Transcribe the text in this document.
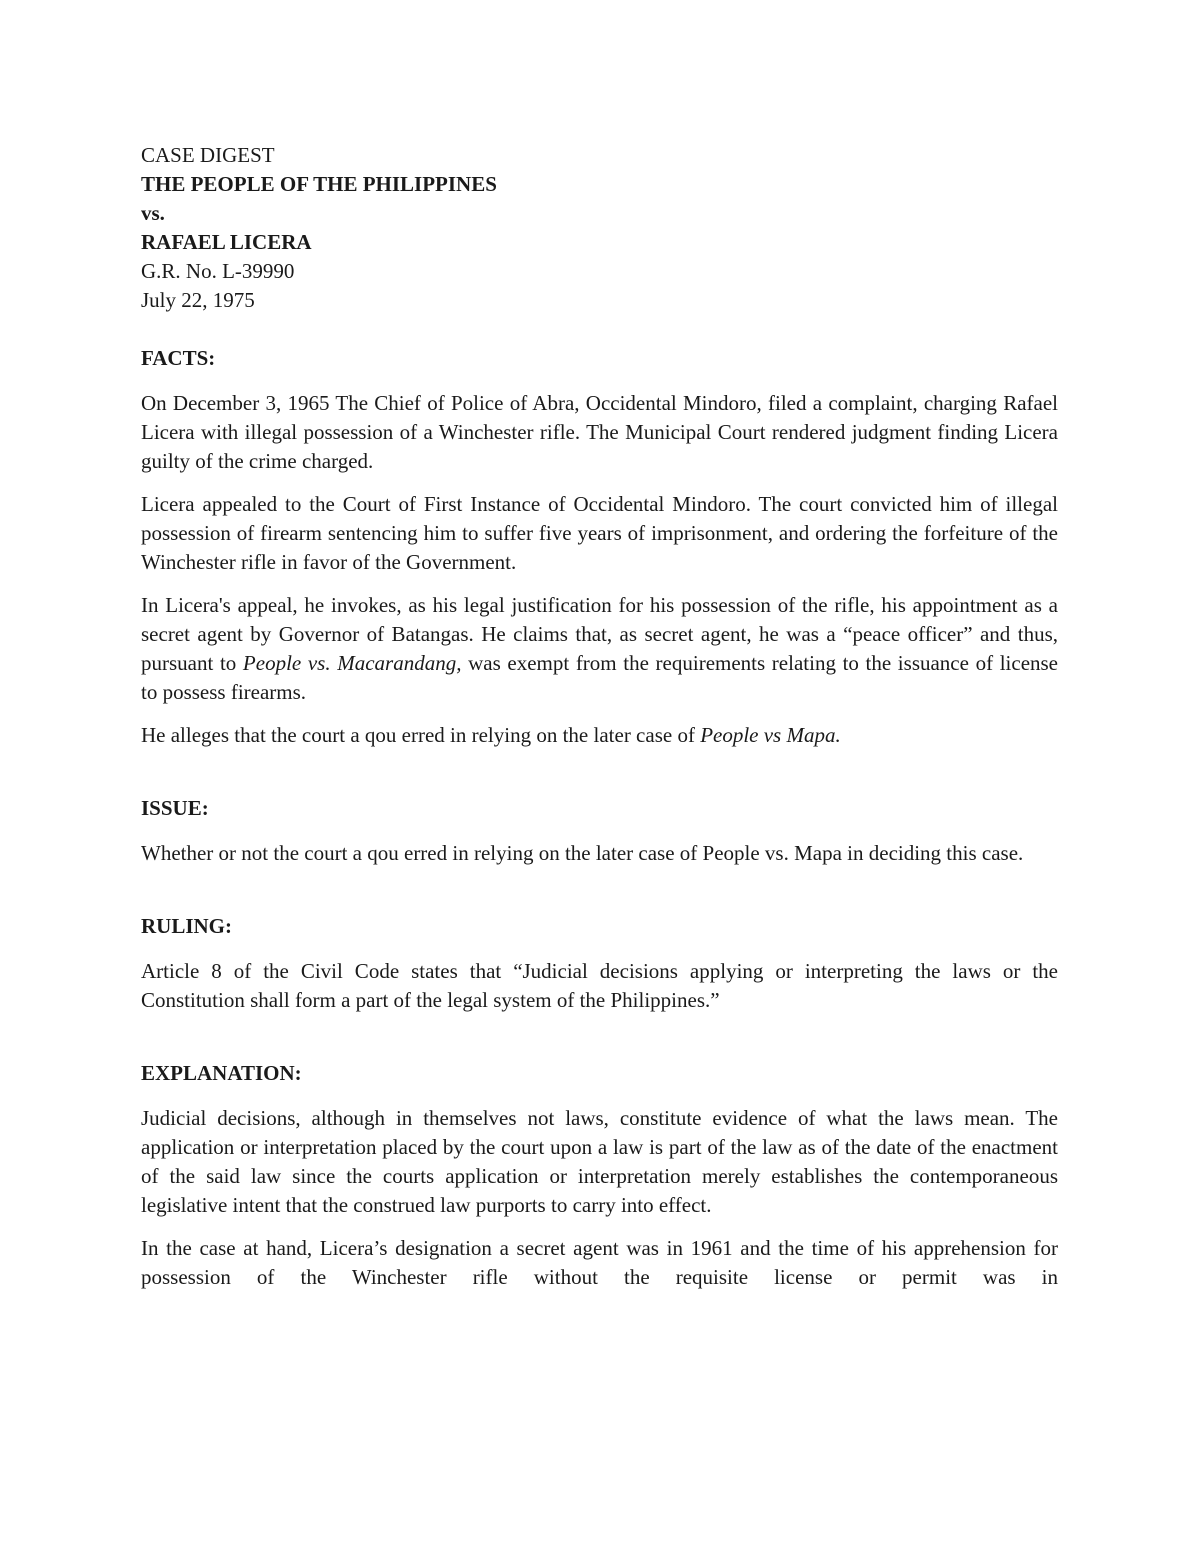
CASE DIGEST
THE PEOPLE OF THE PHILIPPINES
vs.
RAFAEL LICERA
G.R. No. L-39990
July 22, 1975
FACTS:

On December 3, 1965 The Chief of Police of Abra, Occidental Mindoro, filed a complaint, charging Rafael Licera with illegal possession of a Winchester rifle. The Municipal Court rendered judgment finding Licera guilty of the crime charged.

Licera appealed to the Court of First Instance of Occidental Mindoro. The court convicted him of illegal possession of firearm sentencing him to suffer five years of imprisonment, and ordering the forfeiture of the Winchester rifle in favor of the Government.

In Licera's appeal, he invokes, as his legal justification for his possession of the rifle, his appointment as a secret agent by Governor of Batangas. He claims that, as secret agent, he was a “peace officer” and thus, pursuant to People vs. Macarandang, was exempt from the requirements relating to the issuance of license to possess firearms.

He alleges that the court a qou erred in relying on the later case of People vs Mapa.

ISSUE:

Whether or not the court a qou erred in relying on the later case of People vs. Mapa in deciding this case.

RULING:

Article 8 of the Civil Code states that “Judicial decisions applying or interpreting the laws or the Constitution shall form a part of the legal system of the Philippines.”

EXPLANATION:

Judicial decisions, although in themselves not laws, constitute evidence of what the laws mean. The application or interpretation placed by the court upon a law is part of the law as of the date of the enactment of the said law since the courts application or interpretation merely establishes the contemporaneous legislative intent that the construed law purports to carry into effect.

In the case at hand, Licera’s designation a secret agent was in 1961 and the time of his apprehension for possession of the Winchester rifle without the requisite license or permit was in
